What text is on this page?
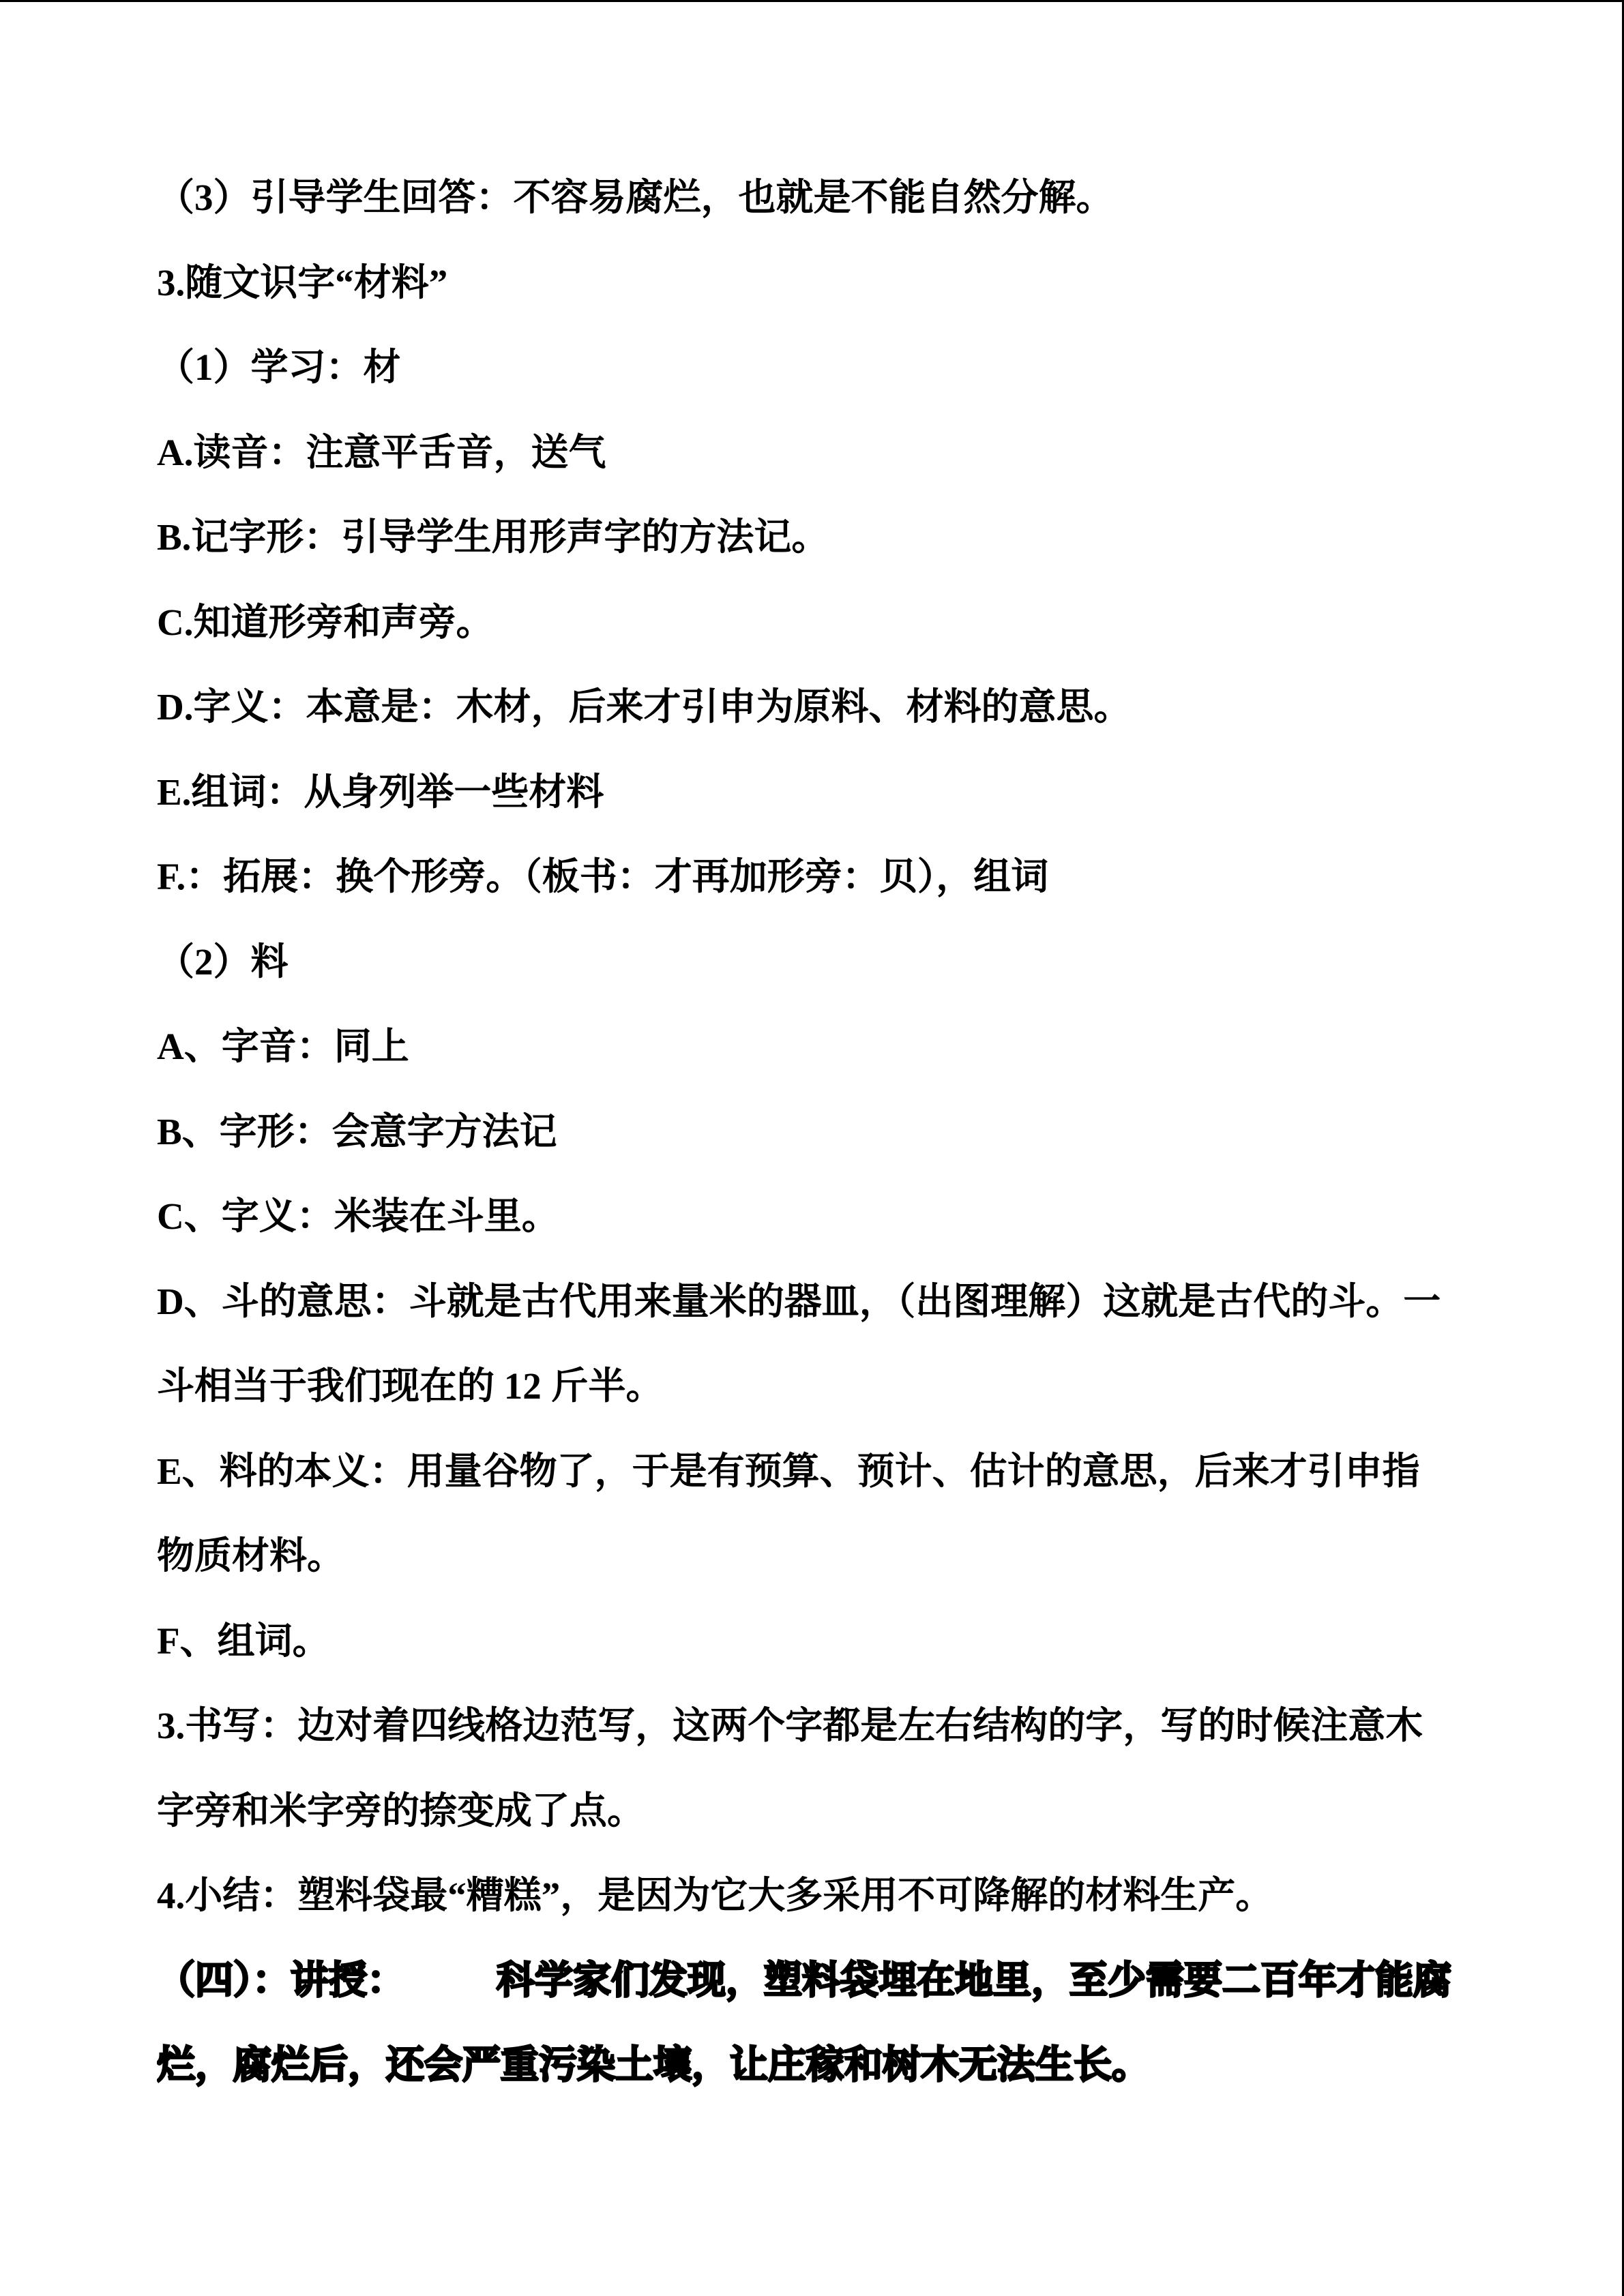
（3）引导学生回答：不容易腐烂，也就是不能自然分解。
3.随文识字“材料”
（1）学习：材
A.读音：注意平舌音，送气
B.记字形：引导学生用形声字的方法记。
C.知道形旁和声旁。
D.字义：本意是：木材，后来才引申为原料、材料的意思。
E.组词：从身列举一些材料
F.：拓展：换个形旁。（板书：才再加形旁：贝），组词
（2）料
A、字音：同上
B、字形：会意字方法记
C、字义：米装在斗里。
D、斗的意思：斗就是古代用来量米的器皿，（出图理解）这就是古代的斗。一
斗相当于我们现在的 12 斤半。
E、料的本义：用量谷物了，于是有预算、预计、估计的意思，后来才引申指
物质材料。
F、组词。
3.书写：边对着四线格边范写，这两个字都是左右结构的字，写的时候注意木
字旁和米字旁的捺变成了点。
4.小结：塑料袋最“糟糕”，是因为它大多采用不可降解的材料生产。
（四）：讲授： 科学家们发现，塑料袋埋在地里，至少需要二百年才能腐
烂，腐烂后，还会严重污染土壤，让庄稼和树木无法生长。
